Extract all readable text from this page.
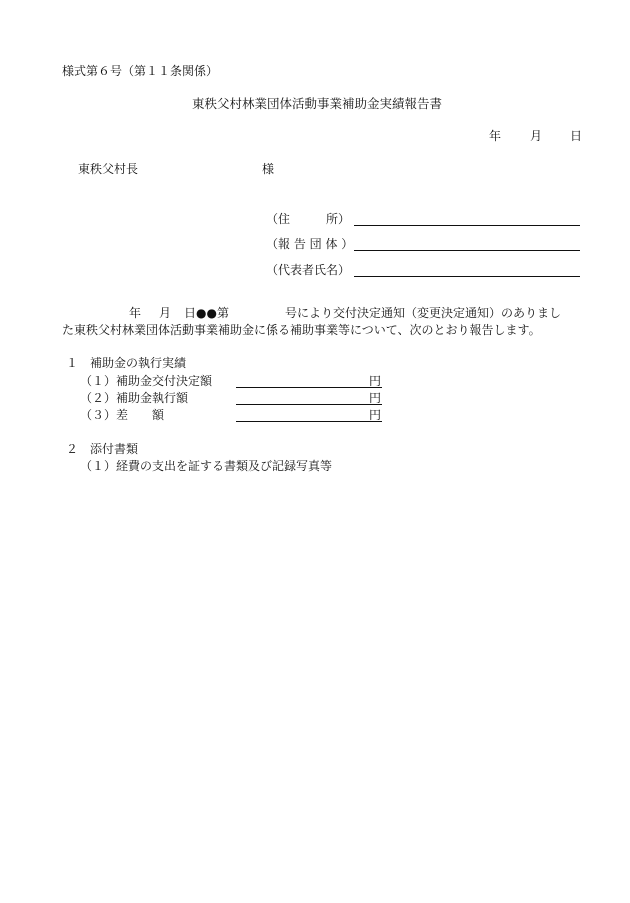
様式第６号（第１１条関係）
東秩父村林業団体活動事業補助金実績報告書
年 月 日
東秩父村長	様
（住　　　所）
（報 告 団 体 ）
（代表者氏名）
年 月 日●●第	号により交付決定通知（変更決定通知）のありまし
た東秩父村林業団体活動事業補助金に係る補助事業等について、次のとおり報告します。
１ 補助金の執行実績
（１）補助金交付決定額	円
（２）補助金執行額	円
（３）差　　額	円
２ 添付書類
（１）経費の支出を証する書類及び記録写真等
